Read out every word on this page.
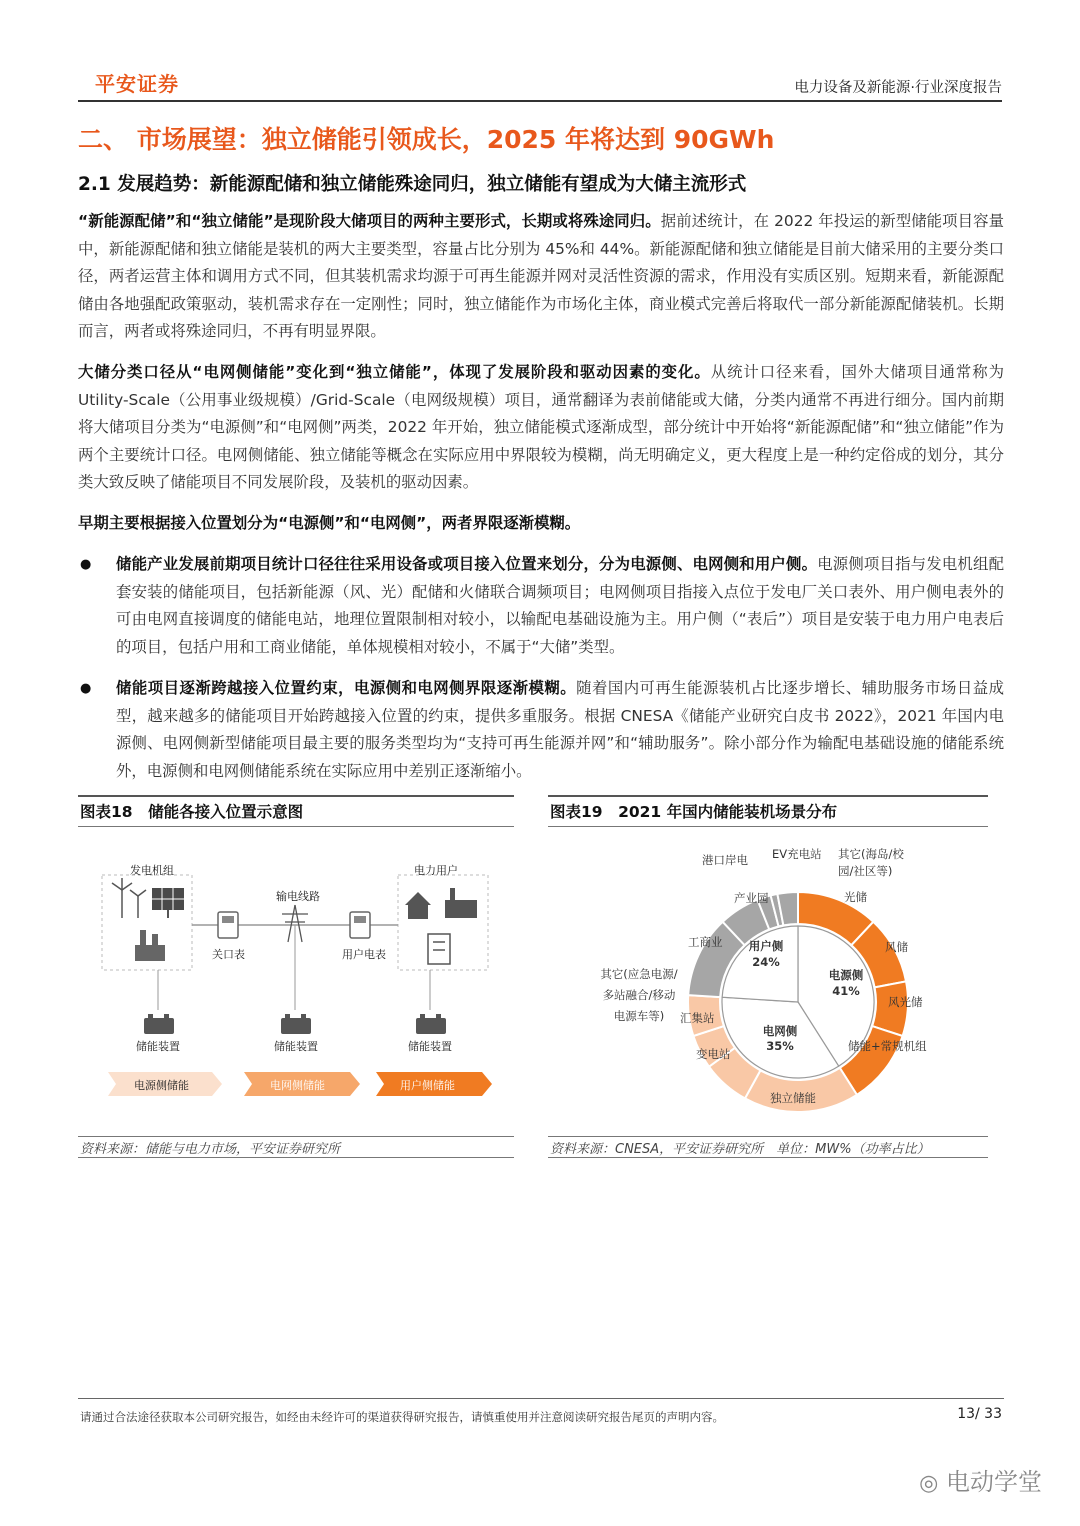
平安证券	电力设备及新能源·行业深度报告
二、 市场展望：独立储能引领成长，2025 年将达到 90GWh
2.1 发展趋势：新能源配储和独立储能殊途同归，独立储能有望成为大储主流形式
“新能源配储”和“独立储能”是现阶段大储项目的两种主要形式，长期或将殊途同归。据前述统计，在 2022 年投运的新型储能项目容量中，新能源配储和独立储能是装机的两大主要类型，容量占比分别为 45%和 44%。新能源配储和独立储能是目前大储采用的主要分类口径，两者运营主体和调用方式不同，但其装机需求均源于可再生能源并网对灵活性资源的需求，作用没有实质区别。短期来看，新能源配储由各地强配政策驱动，装机需求存在一定刚性；同时，独立储能作为市场化主体，商业模式完善后将取代一部分新能源配储装机。长期而言，两者或将殊途同归，不再有明显界限。
大储分类口径从“电网侧储能”变化到“独立储能”，体现了发展阶段和驱动因素的变化。从统计口径来看，国外大储项目通常称为 Utility-Scale（公用事业级规模）/Grid-Scale（电网级规模）项目，通常翻译为表前储能或大储，分类内通常不再进行细分。国内前期将大储项目分类为“电源侧”和“电网侧”两类，2022 年开始，独立储能模式逐渐成型，部分统计中开始将“新能源配储”和“独立储能”作为两个主要统计口径。电网侧储能、独立储能等概念在实际应用中界限较为模糊，尚无明确定义，更大程度上是一种约定俗成的划分，其分类大致反映了储能项目不同发展阶段，及装机的驱动因素。
早期主要根据接入位置划分为“电源侧”和“电网侧”，两者界限逐渐模糊。
● 储能产业发展前期项目统计口径往往采用设备或项目接入位置来划分，分为电源侧、电网侧和用户侧。电源侧项目指与发电机组配套安装的储能项目，包括新能源（风、光）配储和火储联合调频项目；电网侧项目指接入点位于发电厂关口表外、用户侧电表外的可由电网直接调度的储能电站，地理位置限制相对较小，以输配电基础设施为主。用户侧（“表后”）项目是安装于电力用户电表后的项目，包括户用和工商业储能，单体规模相对较小，不属于“大储”类型。
● 储能项目逐渐跨越接入位置约束，电源侧和电网侧界限逐渐模糊。随着国内可再生能源装机占比逐步增长、辅助服务市场日益成型，越来越多的储能项目开始跨越接入位置的约束，提供多重服务。根据 CNESA《储能产业研究白皮书 2022》，2021 年国内电源侧、电网侧新型储能项目最主要的服务类型均为“支持可再生能源并网”和“辅助服务”。除小部分作为输配电基础设施的储能系统外，电源侧和电网侧储能系统在实际应用中差别正逐渐缩小。
图表18　储能各接入位置示意图
发电机组
输电线路
电力用户
关口表	用户电表
储能装置	储能装置	储能装置
电源侧储能	电网侧储能	用户侧储能
资料来源：储能与电力市场，平安证券研究所
图表19　2021 年国内储能装机场景分布
电源侧
41%
电网侧
35%
用户侧
24%
光储
风储
风光储
储能+常规机组
独立储能
变电站
汇集站
工商业
产业园
港口岸电 EV充电站 其它(海岛/校园/社区等)
其它(应急电源/多站融合/移动电源车等)
资料来源：CNESA，平安证券研究所　单位：MW%（功率占比）
请通过合法途径获取本公司研究报告，如经由未经许可的渠道获得研究报告，请慎重使用并注意阅读研究报告尾页的声明内容。	13/ 33
◎ 电动学堂
